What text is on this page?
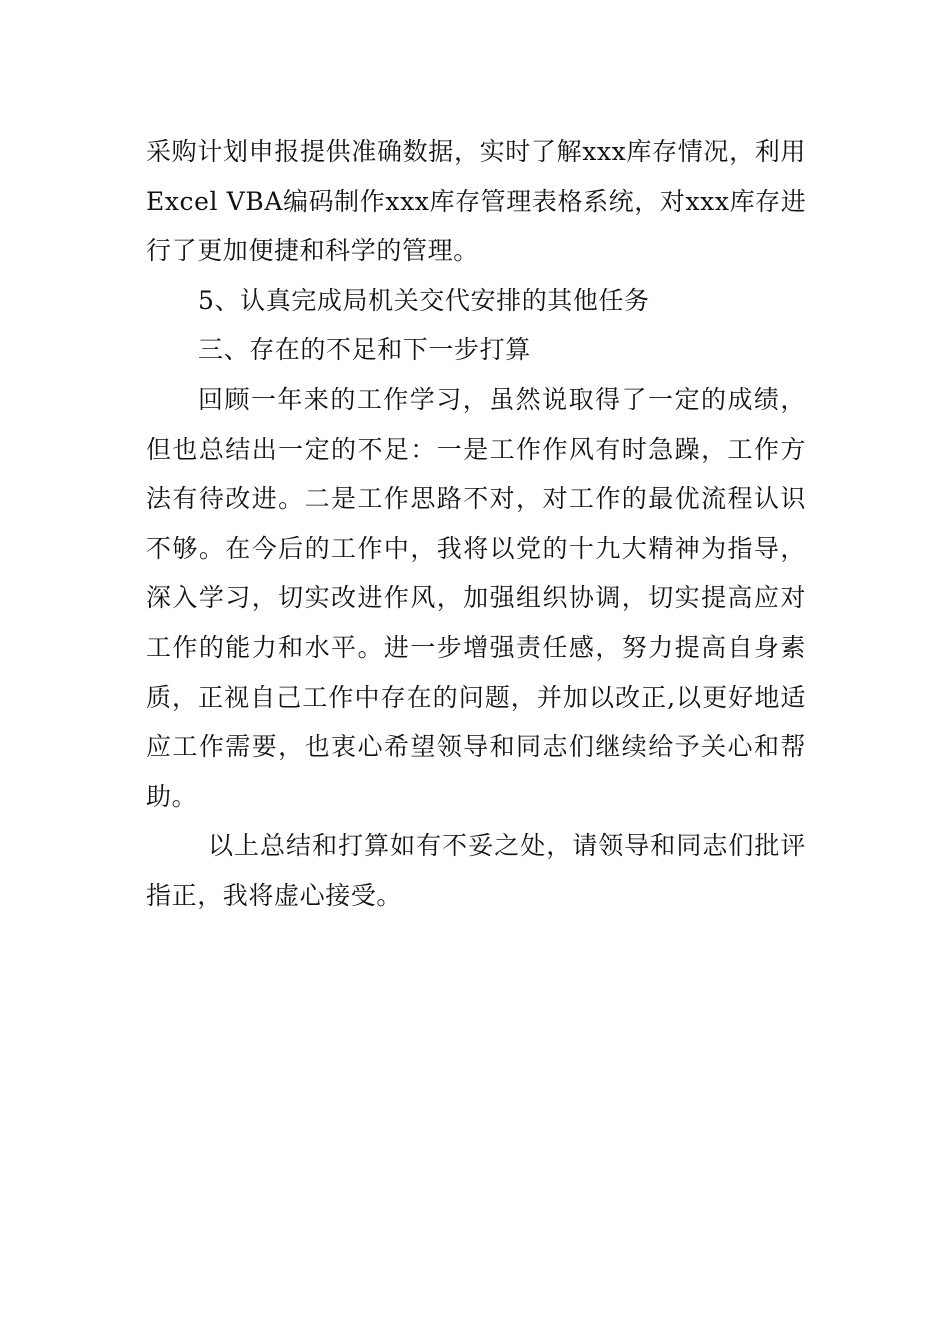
采购计划申报提供准确数据，实时了解xxx库存情况，利用
Excel VBA编码制作xxx库存管理表格系统，对xxx库存进
行了更加便捷和科学的管理。
5、认真完成局机关交代安排的其他任务
三、存在的不足和下一步打算
回顾一年来的工作学习，虽然说取得了一定的成绩，
但也总结出一定的不足：一是工作作风有时急躁，工作方
法有待改进。二是工作思路不对，对工作的最优流程认识
不够。在今后的工作中，我将以党的十九大精神为指导，
深入学习，切实改进作风，加强组织协调，切实提高应对
工作的能力和水平。进一步增强责任感，努力提高自身素
质，正视自己工作中存在的问题，并加以改正,以更好地适
应工作需要，也衷心希望领导和同志们继续给予关心和帮
助。
以上总结和打算如有不妥之处，请领导和同志们批评
指正，我将虚心接受。
